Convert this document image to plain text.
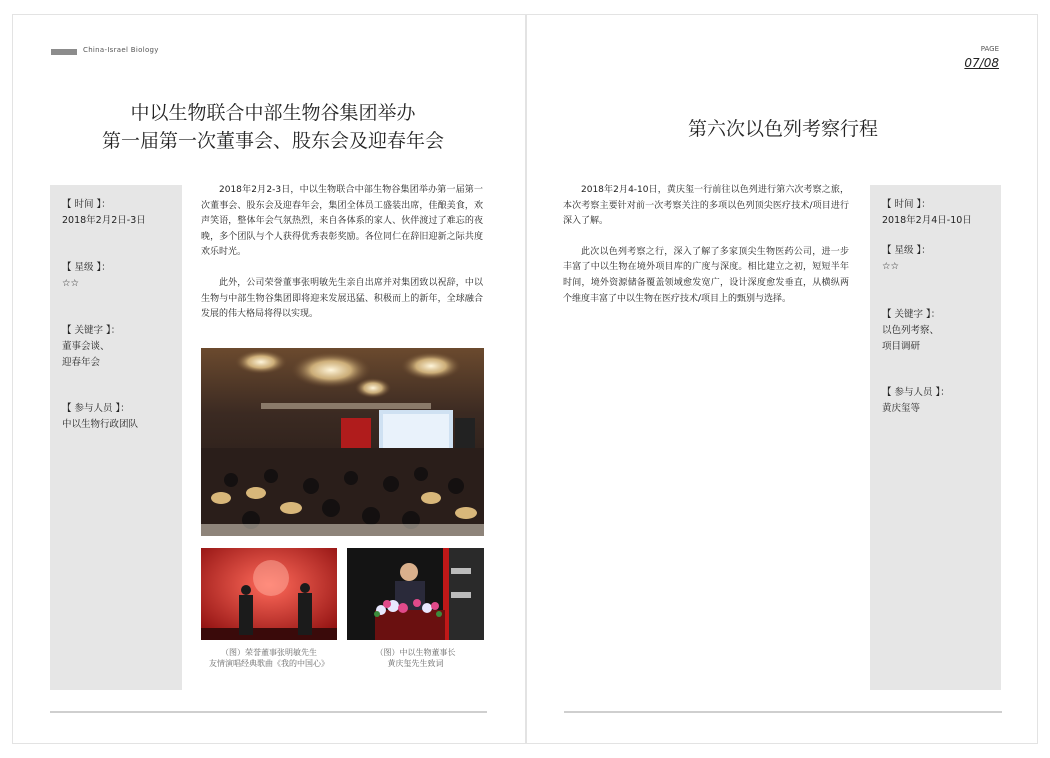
China-Israel Biology
中以生物联合中部生物谷集团举办
第一届第一次董事会、股东会及迎春年会
【 时间 】：
2018年2月2日-3日
【 星级 】：
☆☆
【 关键字 】：
董事会谈、
迎春年会
【 参与人员 】：
中以生物行政团队

2018年2月2-3日，中以生物联合中部生物谷集团举办第一届第一次董事会、股东会及迎春年会，集团全体员工盛装出席，佳酿美食，欢声笑语，整体年会气氛热烈，来自各体系的家人、伙伴渡过了难忘的夜晚，多个团队与个人获得优秀表彰奖励。各位同仁在辞旧迎新之际共度欢乐时光。

此外，公司荣誉董事张明敏先生亲自出席并对集团致以祝辞，中以生物与中部生物谷集团即将迎来发展迅猛、积极而上的新年，全球融合发展的伟大格局将得以实现。

（图）荣誉董事张明敏先生
友情演唱经典歌曲《我的中国心》
（图）中以生物董事长
黄庆玺先生致词
PAGE
07/08
第六次以色列考察行程

2018年2月4-10日，黄庆玺一行前往以色列进行第六次考察之旅，本次考察主要针对前一次考察关注的多项以色列顶尖医疗技术/项目进行深入了解。

此次以色列考察之行，深入了解了多家顶尖生物医药公司，进一步丰富了中以生物在境外项目库的广度与深度。相比建立之初，短短半年时间，境外资源储备覆盖领域愈发宽广，设计深度愈发垂直，从横纵两个维度丰富了中以生物在医疗技术/项目上的甄别与选择。

【 时间 】：
2018年2月4日-10日
【 星级 】：
☆☆
【 关键字 】：
以色列考察、
项目调研
【 参与人员 】：
黄庆玺等
